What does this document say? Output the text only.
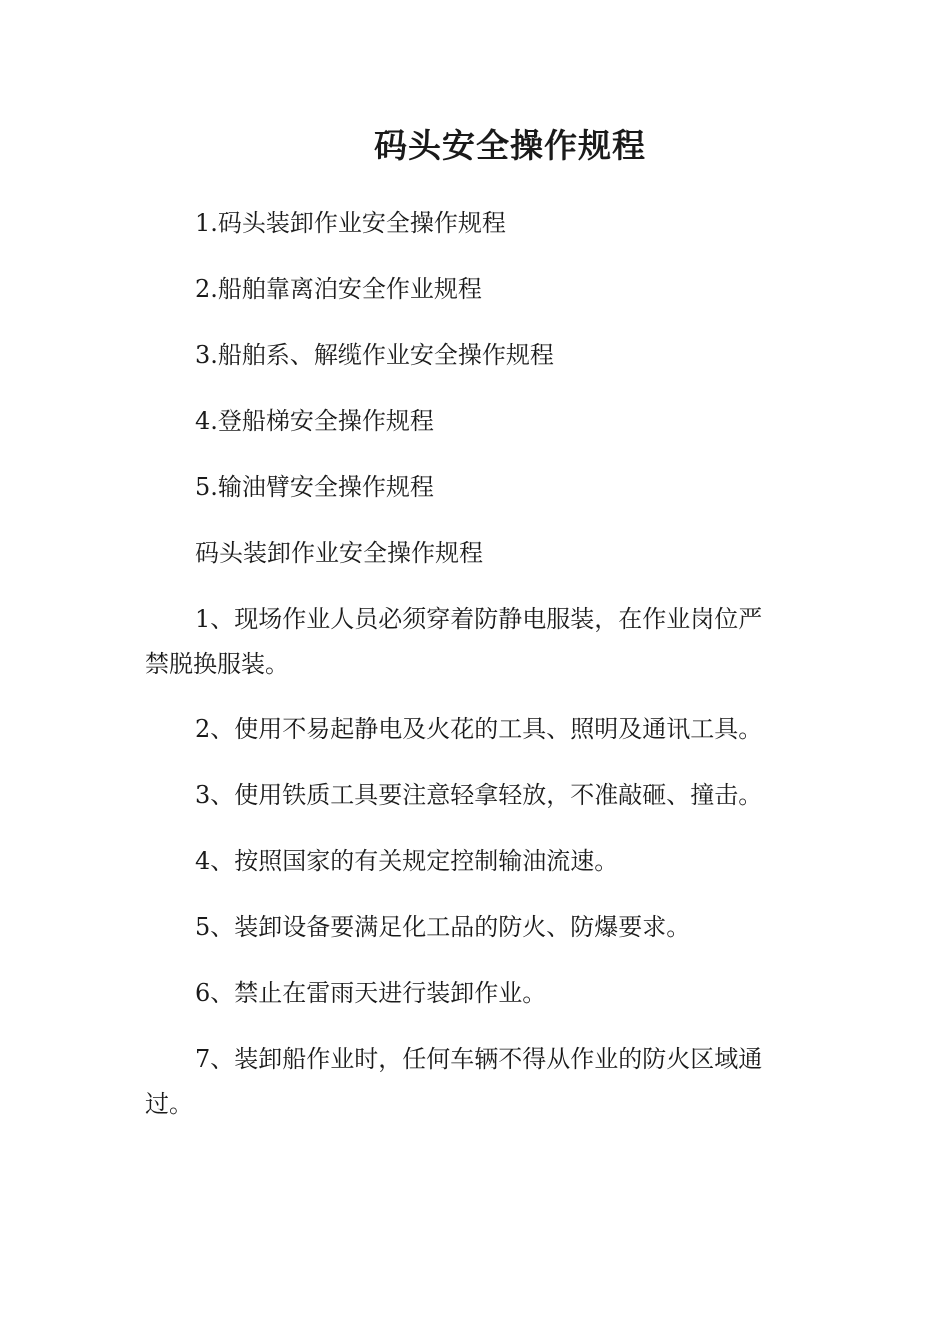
码头安全操作规程
1.码头装卸作业安全操作规程
2.船舶靠离泊安全作业规程
3.船舶系、解缆作业安全操作规程
4.登船梯安全操作规程
5.输油臂安全操作规程
码头装卸作业安全操作规程
1、现场作业人员必须穿着防静电服装，在作业岗位严
禁脱换服装。
2、使用不易起静电及火花的工具、照明及通讯工具。
3、使用铁质工具要注意轻拿轻放，不准敲砸、撞击。
4、按照国家的有关规定控制输油流速。
5、装卸设备要满足化工品的防火、防爆要求。
6、禁止在雷雨天进行装卸作业。
7、装卸船作业时，任何车辆不得从作业的防火区域通
过。
